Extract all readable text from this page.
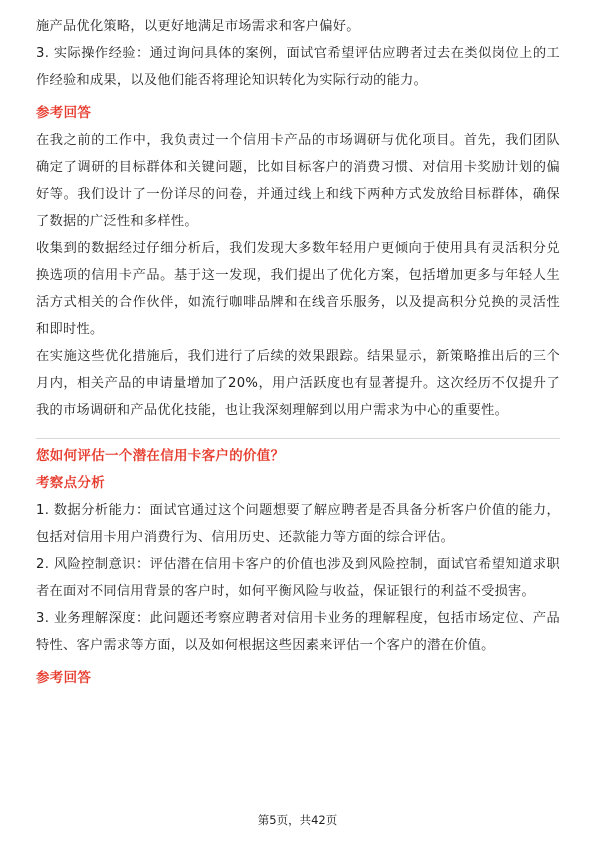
施产品优化策略，以更好地满足市场需求和客户偏好。

3. 实际操作经验：通过询问具体的案例，面试官希望评估应聘者过去在类似岗位上的工作经验和成果，以及他们能否将理论知识转化为实际行动的能力。

参考回答

在我之前的工作中，我负责过一个信用卡产品的市场调研与优化项目。首先，我们团队确定了调研的目标群体和关键问题，比如目标客户的消费习惯、对信用卡奖励计划的偏好等。我们设计了一份详尽的问卷，并通过线上和线下两种方式发放给目标群体，确保了数据的广泛性和多样性。

收集到的数据经过仔细分析后，我们发现大多数年轻用户更倾向于使用具有灵活积分兑换选项的信用卡产品。基于这一发现，我们提出了优化方案，包括增加更多与年轻人生活方式相关的合作伙伴，如流行咖啡品牌和在线音乐服务，以及提高积分兑换的灵活性和即时性。

在实施这些优化措施后，我们进行了后续的效果跟踪。结果显示，新策略推出后的三个月内，相关产品的申请量增加了20%，用户活跃度也有显著提升。这次经历不仅提升了我的市场调研和产品优化技能，也让我深刻理解到以用户需求为中心的重要性。

您如何评估一个潜在信用卡客户的价值？

考察点分析

1. 数据分析能力：面试官通过这个问题想要了解应聘者是否具备分析客户价值的能力，包括对信用卡用户消费行为、信用历史、还款能力等方面的综合评估。

2. 风险控制意识：评估潜在信用卡客户的价值也涉及到风险控制，面试官希望知道求职者在面对不同信用背景的客户时，如何平衡风险与收益，保证银行的利益不受损害。

3. 业务理解深度：此问题还考察应聘者对信用卡业务的理解程度，包括市场定位、产品特性、客户需求等方面，以及如何根据这些因素来评估一个客户的潜在价值。

参考回答

第5页，共42页
